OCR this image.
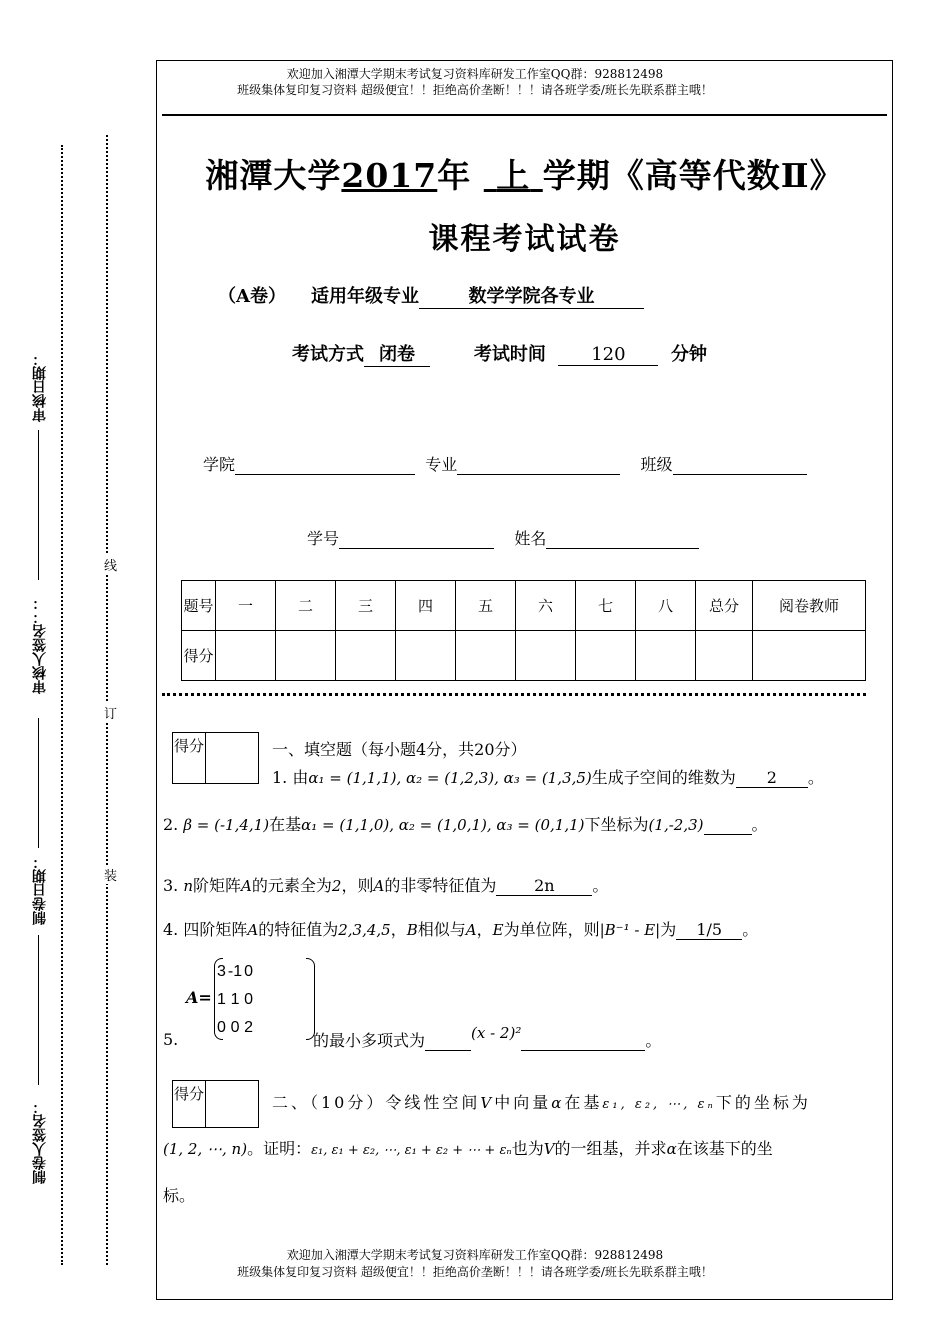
审核日期：
审核人签名：：
制卷日期：
制卷人签名：
线
订
装
欢迎加入湘潭大学期末考试复习资料库研发工作室QQ群：928812498
班级集体复印复习资料 超级便宜！！拒绝高价垄断！！！请各班学委/班长先联系群主哦！
湘潭大学2017年 上 学期《高等代数Ⅱ》
课程考试试卷
（A卷） 适用年级专业	数学学院各专业
考试方式 闭卷	考试时间	120	分钟
学院	专业	班级
学号	姓名
题号	一	二	三	四	五	六	七	八	总分	阅卷教师
得分										
得分	一、填空题（每小题4分，共20分）
1. 由α₁ = (1,1,1), α₂ = (1,2,3), α₃ = (1,3,5)生成子空间的维数为 2 。
2. β = (-1,4,1)在基α₁ = (1,1,0), α₂ = (1,0,1), α₃ = (0,1,1)下坐标为(1,-2,3)	。
3. n阶矩阵A的元素全为2，则A的非零特征值为 2n 。
4. 四阶矩阵A的特征值为2,3,4,5，B相似与A，E为单位阵，则|B⁻¹ - E|为 1/5 。
5.
A=
3	-1	0
1	1	0
0	0	2
的最小多项式为	(x - 2)²	。
得分	二、（10分）令线性空间V中向量α在基ε₁, ε₂, ⋯, εₙ下的坐标为
(1, 2, ⋯, n)。证明：ε₁, ε₁ + ε₂, ⋯, ε₁ + ε₂ + ⋯ + εₙ也为V的一组基，并求α在该基下的坐
标。
欢迎加入湘潭大学期末考试复习资料库研发工作室QQ群：928812498
班级集体复印复习资料 超级便宜！！拒绝高价垄断！！！请各班学委/班长先联系群主哦！
